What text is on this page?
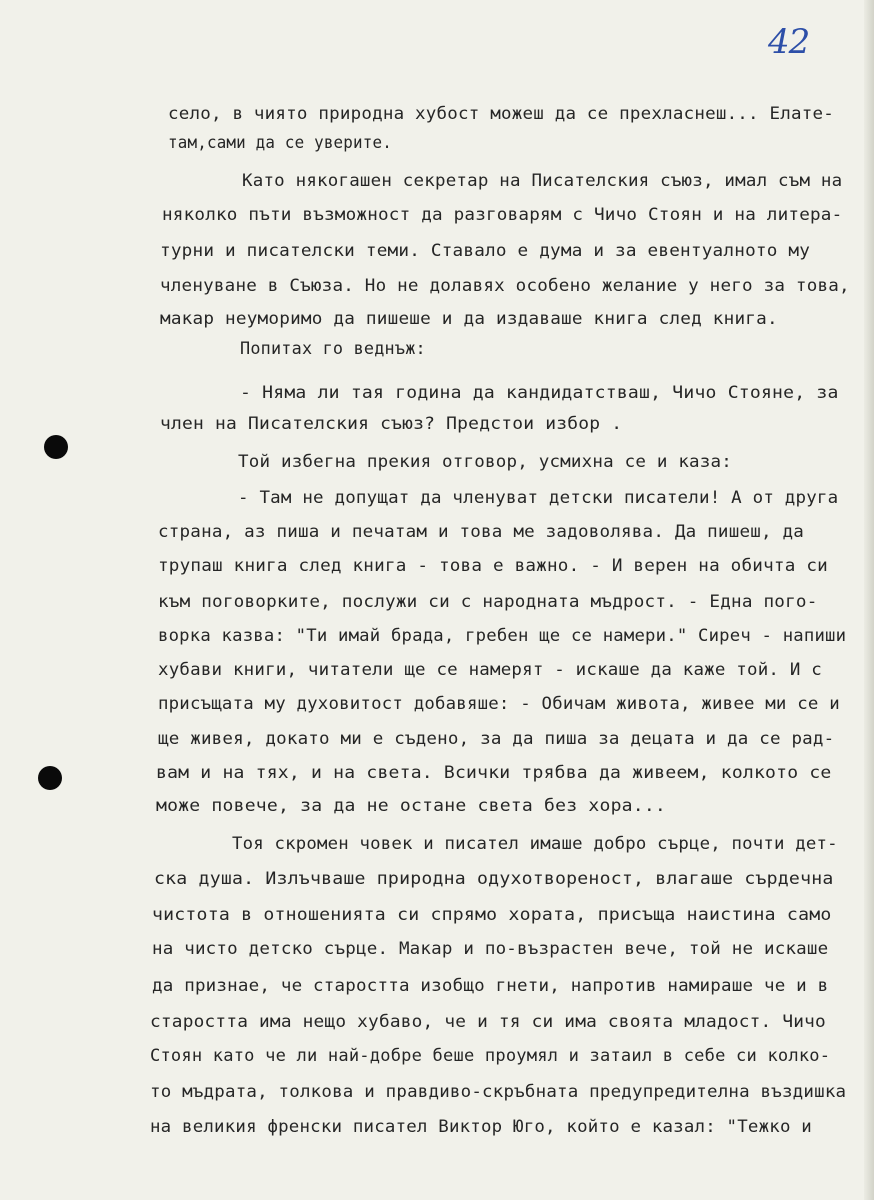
42
село, в чиято природна хубост можеш да се прехласнеш... Елате-
там,сами да се уверите.
Като някогашен секретар на Писателския съюз, имал съм на
няколко пъти възможност да разговарям с Чичо Стоян и на литера-
турни и писателски теми. Ставало е дума и за евентуалното му
членуване в Съюза. Но не долавях особено желание у него за това,
макар неуморимо да пишеше и да издаваше книга след книга.
Попитах го веднъж:
- Няма ли тая година да кандидатстваш, Чичо Стояне, за
член на Писателския съюз? Предстои избор .
Той избегна прекия отговор, усмихна се и каза:
- Там не допущат да членуват детски писатели! А от друга
страна, аз пиша и печатам и това ме задоволява. Да пишеш, да
трупаш книга след книга - това е важно. - И верен на обичта си
към поговорките, послужи си с народната мъдрост. - Една пого-
ворка казва: "Ти имай брада, гребен ще се намери." Сиреч - напиши
хубави книги, читатели ще се намерят - искаше да каже той. И с
присъщата му духовитост добавяше: - Обичам живота, живее ми се и
ще живея, докато ми е съдено, за да пиша за децата и да се рад-
вам и на тях, и на света. Всички трябва да живеем, колкото се
може повече, за да не остане света без хора...
Тоя скромен човек и писател имаше добро сърце, почти дет-
ска душа. Излъчваше природна одухотвореност, влагаше сърдечна
чистота в отношенията си спрямо хората, присъща наистина само
на чисто детско сърце. Макар и по-възрастен вече, той не искаше
да признае, че старостта изобщо гнети, напротив намираше че и в
старостта има нещо хубаво, че и тя си има своята младост. Чичо
Стоян като че ли най-добре беше проумял и затаил в себе си колко-
то мъдрата, толкова и правдиво-скръбната предупредителна въздишка
на великия френски писател Виктор Юго, който е казал: "Тежко и
